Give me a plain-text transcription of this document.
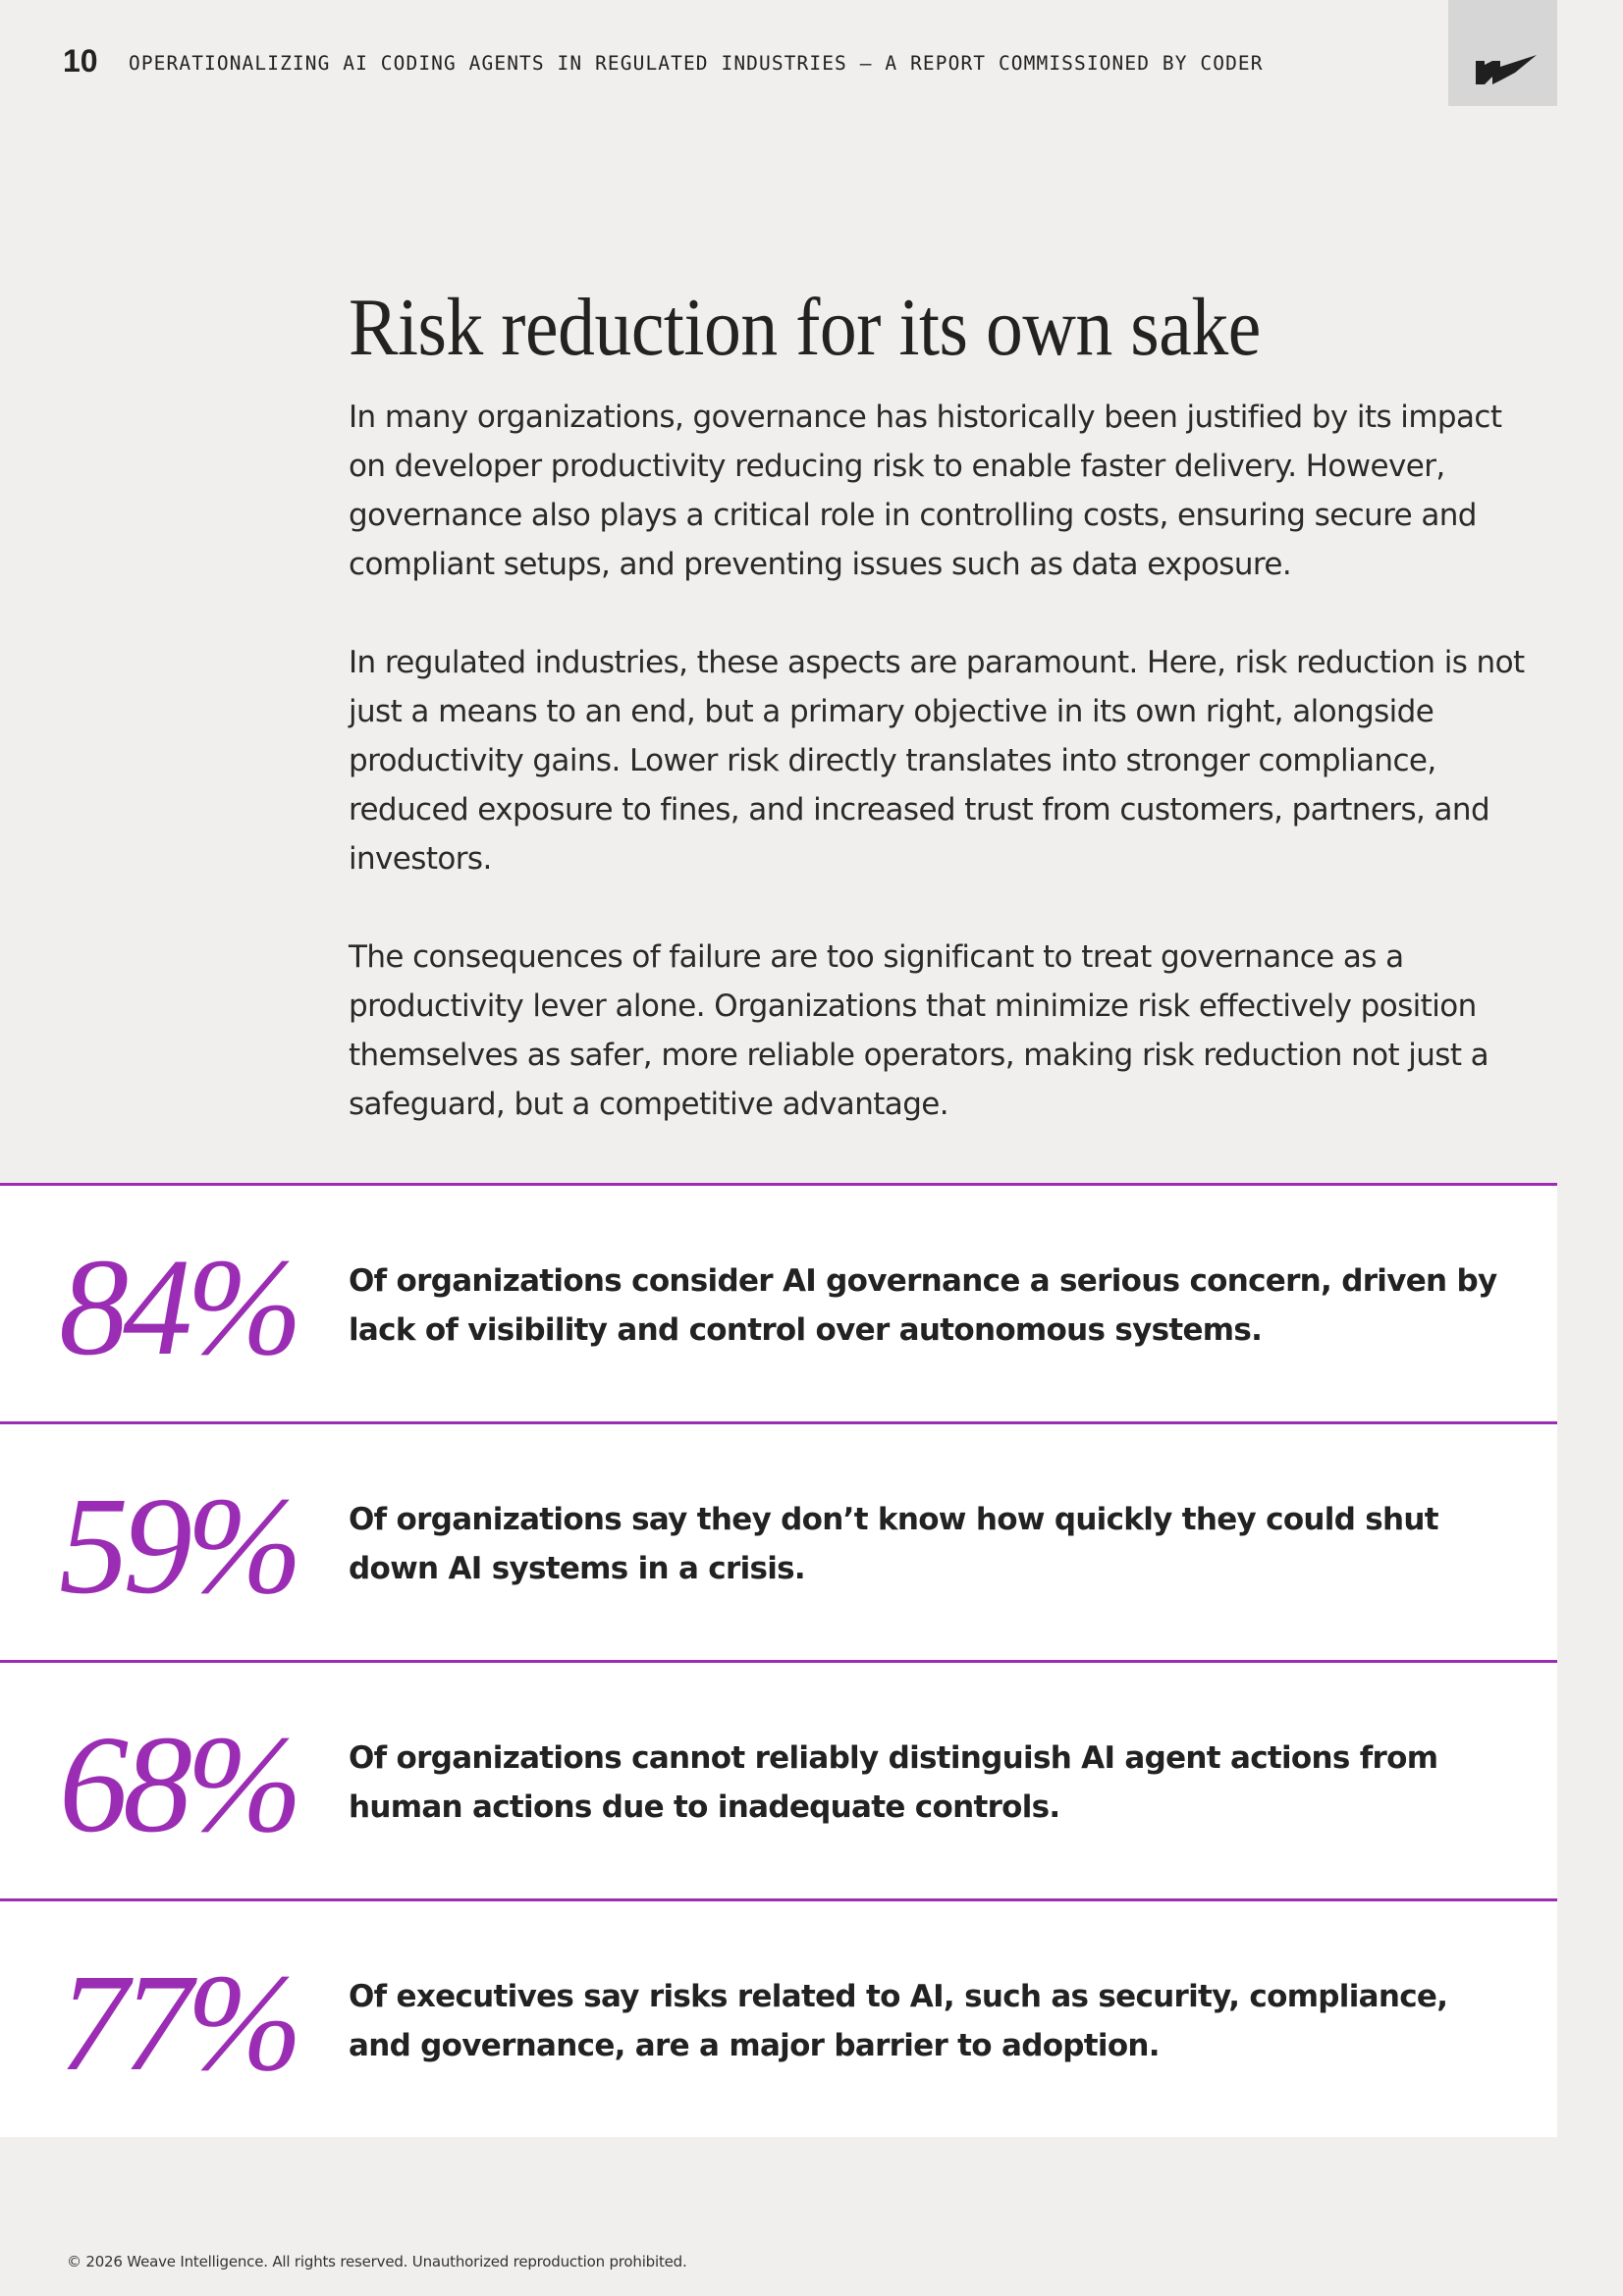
10 OPERATIONALIZING AI CODING AGENTS IN REGULATED INDUSTRIES – A REPORT COMMISSIONED BY CODER
Risk reduction for its own sake

In many organizations, governance has historically been justified by its impact on developer productivity reducing risk to enable faster delivery. However, governance also plays a critical role in controlling costs, ensuring secure and compliant setups, and preventing issues such as data exposure.

In regulated industries, these aspects are paramount. Here, risk reduction is not just a means to an end, but a primary objective in its own right, alongside productivity gains. Lower risk directly translates into stronger compliance, reduced exposure to fines, and increased trust from customers, partners, and investors.

The consequences of failure are too significant to treat governance as a productivity lever alone. Organizations that minimize risk effectively position themselves as safer, more reliable operators, making risk reduction not just a safeguard, but a competitive advantage.

84% Of organizations consider AI governance a serious concern, driven by lack of visibility and control over autonomous systems.
59% Of organizations say they don’t know how quickly they could shut down AI systems in a crisis.
68% Of organizations cannot reliably distinguish AI agent actions from human actions due to inadequate controls.
77% Of executives say risks related to AI, such as security, compliance, and governance, are a major barrier to adoption.
© 2026 Weave Intelligence. All rights reserved. Unauthorized reproduction prohibited.
